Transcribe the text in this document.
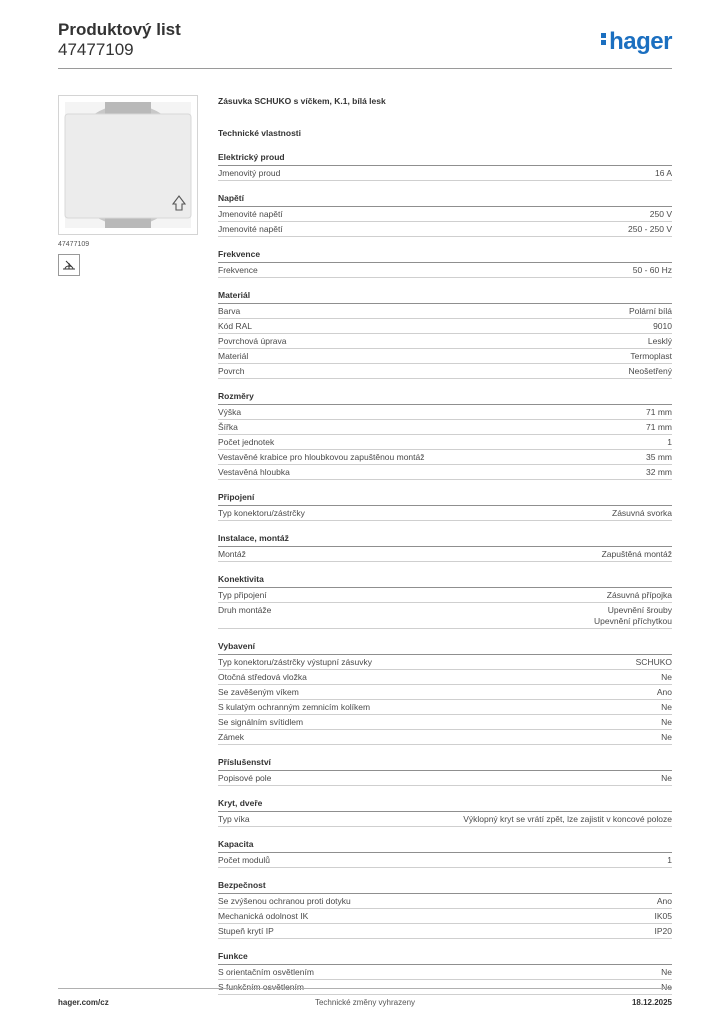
Produktový list
47477109	hager
47477109
Zásuvka SCHUKO s víčkem, K.1, bílá lesk
Technické vlastnosti
Elektrický proud
Jmenovitý proud	16 A
Napětí
Jmenovité napětí	250 V
Jmenovité napětí	250 - 250 V
Frekvence
Frekvence	50 - 60 Hz
Materiál
Barva	Polární bílá
Kód RAL	9010
Povrchová úprava	Lesklý
Materiál	Termoplast
Povrch	Neošetřený
Rozměry
Výška	71 mm
Šířka	71 mm
Počet jednotek	1
Vestavěné krabice pro hloubkovou zapuštěnou montáž	35 mm
Vestavěná hloubka	32 mm
Připojení
Typ konektoru/zástrčky	Zásuvná svorka
Instalace, montáž
Montáž	Zapuštěná montáž
Konektivita
Typ připojení	Zásuvná přípojka
Druh montáže	Upevnění šrouby
Upevnění příchytkou
Vybavení
Typ konektoru/zástrčky výstupní zásuvky	SCHUKO
Otočná středová vložka	Ne
Se zavěšeným víkem	Ano
S kulatým ochranným zemnicím kolíkem	Ne
Se signálním svítidlem	Ne
Zámek	Ne
Příslušenství
Popisové pole	Ne
Kryt, dveře
Typ víka	Výklopný kryt se vrátí zpět, lze zajistit v koncové poloze
Kapacita
Počet modulů	1
Bezpečnost
Se zvýšenou ochranou proti dotyku	Ano
Mechanická odolnost IK	IK05
Stupeň krytí IP	IP20
Funkce
S orientačním osvětlením	Ne
S funkčním osvětlením	Ne
hager.com/cz	Technické změny vyhrazeny	18.12.2025
